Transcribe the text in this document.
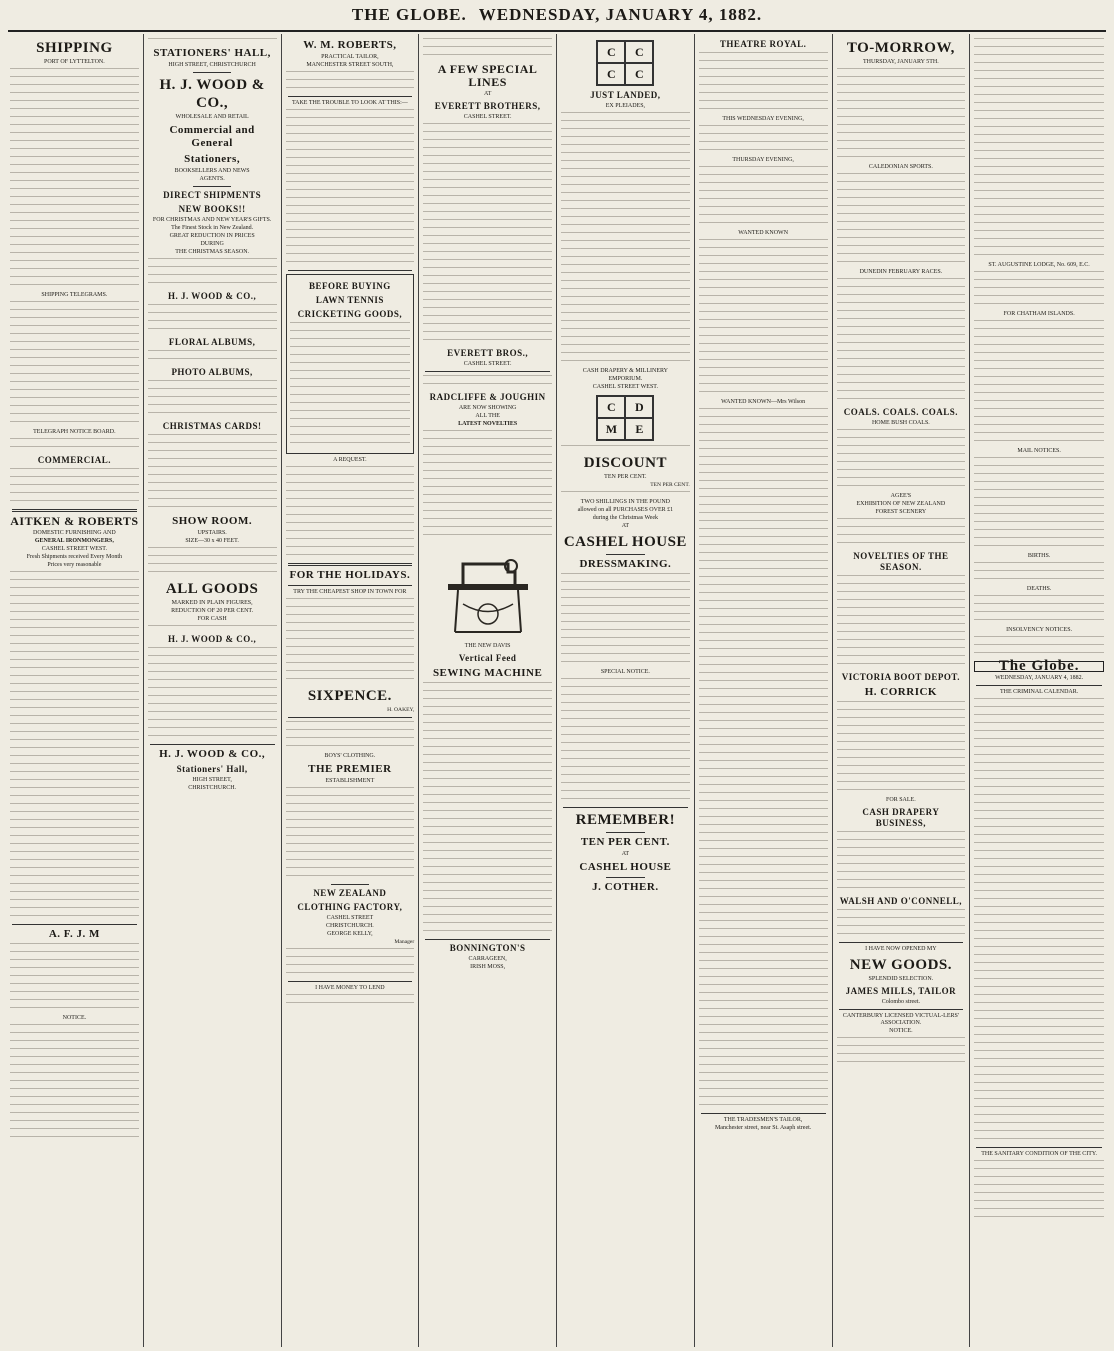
THE GLOBE. WEDNESDAY, JANUARY 4, 1882.
SHIPPING
PORT OF LYTTELTON.
SHIPPING TELEGRAMS.
TELEGRAPH NOTICE BOARD.
COMMERCIAL.
AITKEN & ROBERTS
DOMESTIC FURNISHING AND
GENERAL IRONMONGERS,
CASHEL STREET WEST.
Fresh Shipments received Every Month
Prices very reasonable
A. F. J. M
NOTICE.
STATIONERS' HALL,
HIGH STREET, CHRISTCHURCH
H. J. WOOD & CO.,
WHOLESALE AND RETAIL
Commercial and General
Stationers,
BOOKSELLERS AND NEWS
AGENTS.
DIRECT SHIPMENTS
NEW BOOKS!!
FOR CHRISTMAS AND NEW YEAR'S GIFTS.
The Finest Stock in New Zealand.
GREAT REDUCTION IN PRICES
DURING
THE CHRISTMAS SEASON.
H. J. WOOD & CO.,
FLORAL ALBUMS,
PHOTO ALBUMS,
CHRISTMAS CARDS!
SHOW ROOM.
UPSTAIRS.
SIZE—30 x 40 FEET.
ALL GOODS
MARKED IN PLAIN FIGURES,
REDUCTION OF 20 PER CENT.
FOR CASH
H. J. WOOD & CO.,
H. J. WOOD & CO.,
Stationers' Hall,
HIGH STREET,
CHRISTCHURCH.
W. M. ROBERTS,
PRACTICAL TAILOR,
MANCHESTER STREET SOUTH,
TAKE THE TROUBLE TO LOOK AT THIS:—
BEFORE BUYING
LAWN TENNIS
CRICKETING GOODS,
A REQUEST.
FOR THE HOLIDAYS.
TRY THE CHEAPEST SHOP IN TOWN FOR
SIXPENCE.
H. OAKEY,
BOYS' CLOTHING.
THE PREMIER
ESTABLISHMENT
NEW ZEALAND
CLOTHING FACTORY,
CASHEL STREET
CHRISTCHURCH.
GEORGE KELLY,
Manager
I HAVE MONEY TO LEND
A FEW SPECIAL LINES
AT
EVERETT BROTHERS,
CASHEL STREET.
EVERETT BROS.,
CASHEL STREET.
RADCLIFFE & JOUGHIN
ARE NOW SHOWING
ALL THE
LATEST NOVELTIES
THE NEW DAVIS
Vertical Feed
SEWING MACHINE
BONNINGTON'S
CARRAGEEN,
IRISH MOSS,
C	C
C	C
JUST LANDED,
EX PLEIADES,
CASH DRAPERY & MILLINERY
EMPORIUM.
CASHEL STREET WEST.
C	D
M	E
DISCOUNT
TEN PER CENT.
TEN PER CENT.
TWO SHILLINGS IN THE POUND
allowed on all PURCHASES OVER £1
during the Christmas Week
AT
CASHEL HOUSE
DRESSMAKING.
SPECIAL NOTICE.
REMEMBER!
TEN PER CENT.
AT
CASHEL HOUSE
J. COTHER.
THEATRE ROYAL.
THIS WEDNESDAY EVENING,
THURSDAY EVENING,
WANTED KNOWN
WANTED KNOWN—Mrs Wilson
THE TRADESMEN'S TAILOR,
Manchester street, near St. Asaph street.
TO-MORROW,
THURSDAY, JANUARY 5TH.
CALEDONIAN SPORTS.
DUNEDIN FEBRUARY RACES.
COALS. COALS. COALS.
HOME BUSH COALS.
AGEE'S
EXHIBITION OF NEW ZEALAND
FOREST SCENERY
NOVELTIES OF THE SEASON.
VICTORIA BOOT DEPOT.
H. CORRICK
FOR SALE.
CASH DRAPERY BUSINESS,
WALSH AND O'CONNELL,
I HAVE NOW OPENED MY
NEW GOODS.
SPLENDID SELECTION.
JAMES MILLS, TAILOR
Colombo street.
CANTERBURY LICENSED VICTUAL-LERS' ASSOCIATION.
NOTICE.
ST. AUGUSTINE LODGE, No. 609, E.C.
FOR CHATHAM ISLANDS.
MAIL NOTICES.
BIRTHS.
DEATHS.
INSOLVENCY NOTICES.
The Globe.
WEDNESDAY, JANUARY 4, 1882.
THE CRIMINAL CALENDAR.
THE SANITARY CONDITION OF THE CITY.
